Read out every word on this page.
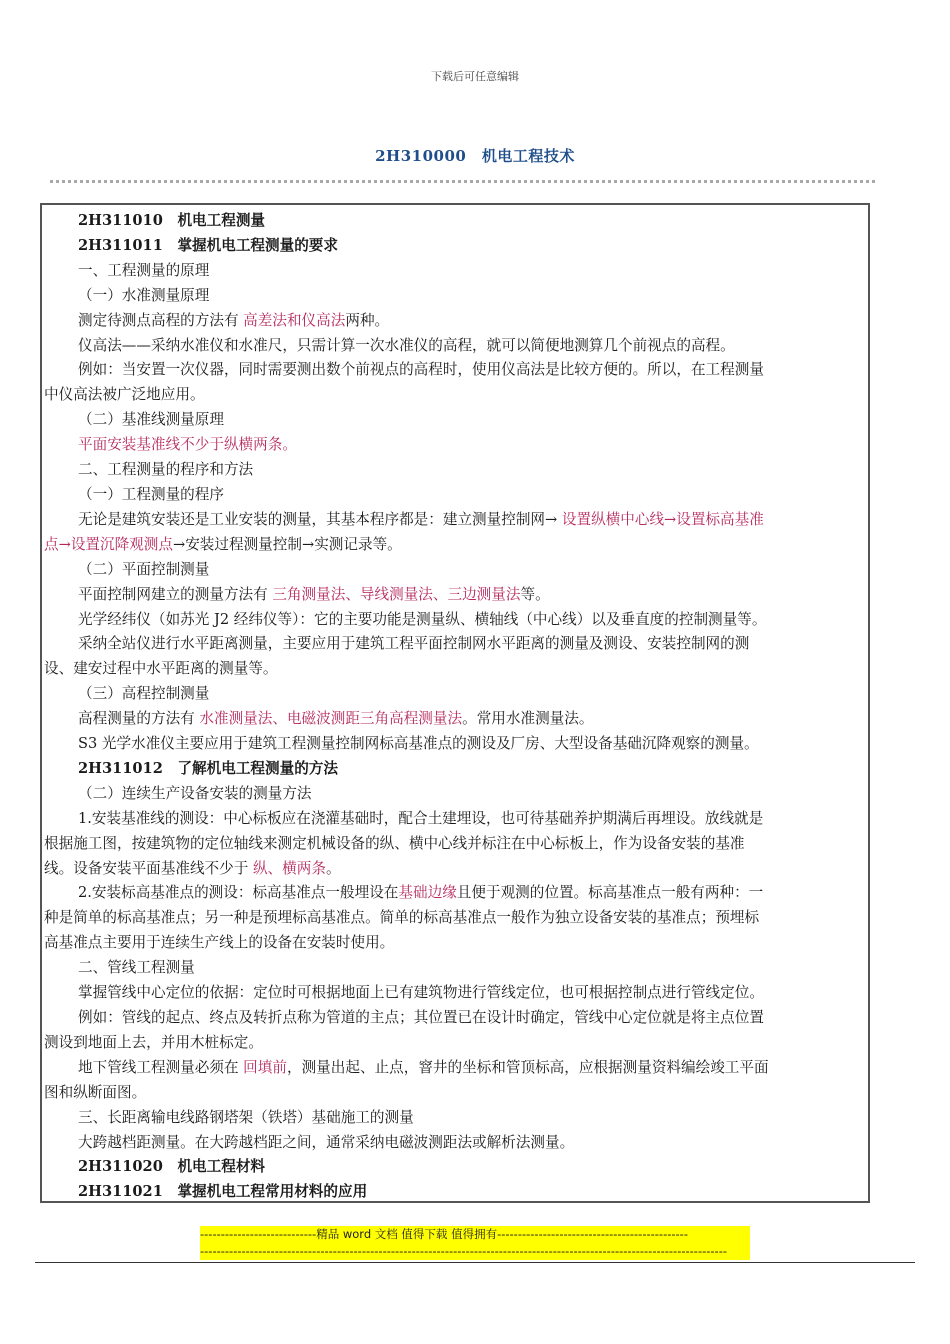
下载后可任意编辑
2H310000　机电工程技术
2H311010　机电工程测量
2H311011　掌握机电工程测量的要求
一、工程测量的原理
（一）水准测量原理
测定待测点高程的方法有 高差法和仪高法两种。
仪高法——采纳水准仪和水准尺，只需计算一次水准仪的高程，就可以简便地测算几个前视点的高程。
例如：当安置一次仪器，同时需要测出数个前视点的高程时，使用仪高法是比较方便的。所以，在工程测量
中仪高法被广泛地应用。
（二）基准线测量原理
平面安装基准线不少于纵横两条。
二、工程测量的程序和方法
（一）工程测量的程序
无论是建筑安装还是工业安装的测量，其基本程序都是：建立测量控制网→ 设置纵横中心线→设置标高基准
点→设置沉降观测点→安装过程测量控制→实测记录等。
（二）平面控制测量
平面控制网建立的测量方法有 三角测量法、导线测量法、三边测量法等。
光学经纬仪（如苏光 J2 经纬仪等）：它的主要功能是测量纵、横轴线（中心线）以及垂直度的控制测量等。
采纳全站仪进行水平距离测量，主要应用于建筑工程平面控制网水平距离的测量及测设、安装控制网的测
设、建安过程中水平距离的测量等。
（三）高程控制测量
高程测量的方法有 水准测量法、电磁波测距三角高程测量法。常用水准测量法。
S3 光学水准仪主要应用于建筑工程测量控制网标高基准点的测设及厂房、大型设备基础沉降观察的测量。
2H311012　了解机电工程测量的方法
（二）连续生产设备安装的测量方法
1.安装基准线的测设：中心标板应在浇灌基础时，配合土建埋设，也可待基础养护期满后再埋设。放线就是
根据施工图，按建筑物的定位轴线来测定机械设备的纵、横中心线并标注在中心标板上，作为设备安装的基准
线。设备安装平面基准线不少于 纵、横两条。
2.安装标高基准点的测设：标高基准点一般埋设在基础边缘且便于观测的位置。标高基准点一般有两种：一
种是简单的标高基准点；另一种是预埋标高基准点。简单的标高基准点一般作为独立设备安装的基准点；预埋标
高基准点主要用于连续生产线上的设备在安装时使用。
二、管线工程测量
掌握管线中心定位的依据：定位时可根据地面上已有建筑物进行管线定位，也可根据控制点进行管线定位。
例如：管线的起点、终点及转折点称为管道的主点；其位置已在设计时确定，管线中心定位就是将主点位置
测设到地面上去，并用木桩标定。
地下管线工程测量必须在 回填前，测量出起、止点，窨井的坐标和管顶标高，应根据测量资料编绘竣工平面
图和纵断面图。
三、长距离输电线路钢塔架（铁塔）基础施工的测量
大跨越档距测量。在大跨越档距之间，通常采纳电磁波测距法或解析法测量。
2H311020　机电工程材料
2H311021　掌握机电工程常用材料的应用
----------------------------精品 word 文档 值得下载 值得拥有----------------------------------------------
-------------------------------------------------------------------------------------------------------------------------------
